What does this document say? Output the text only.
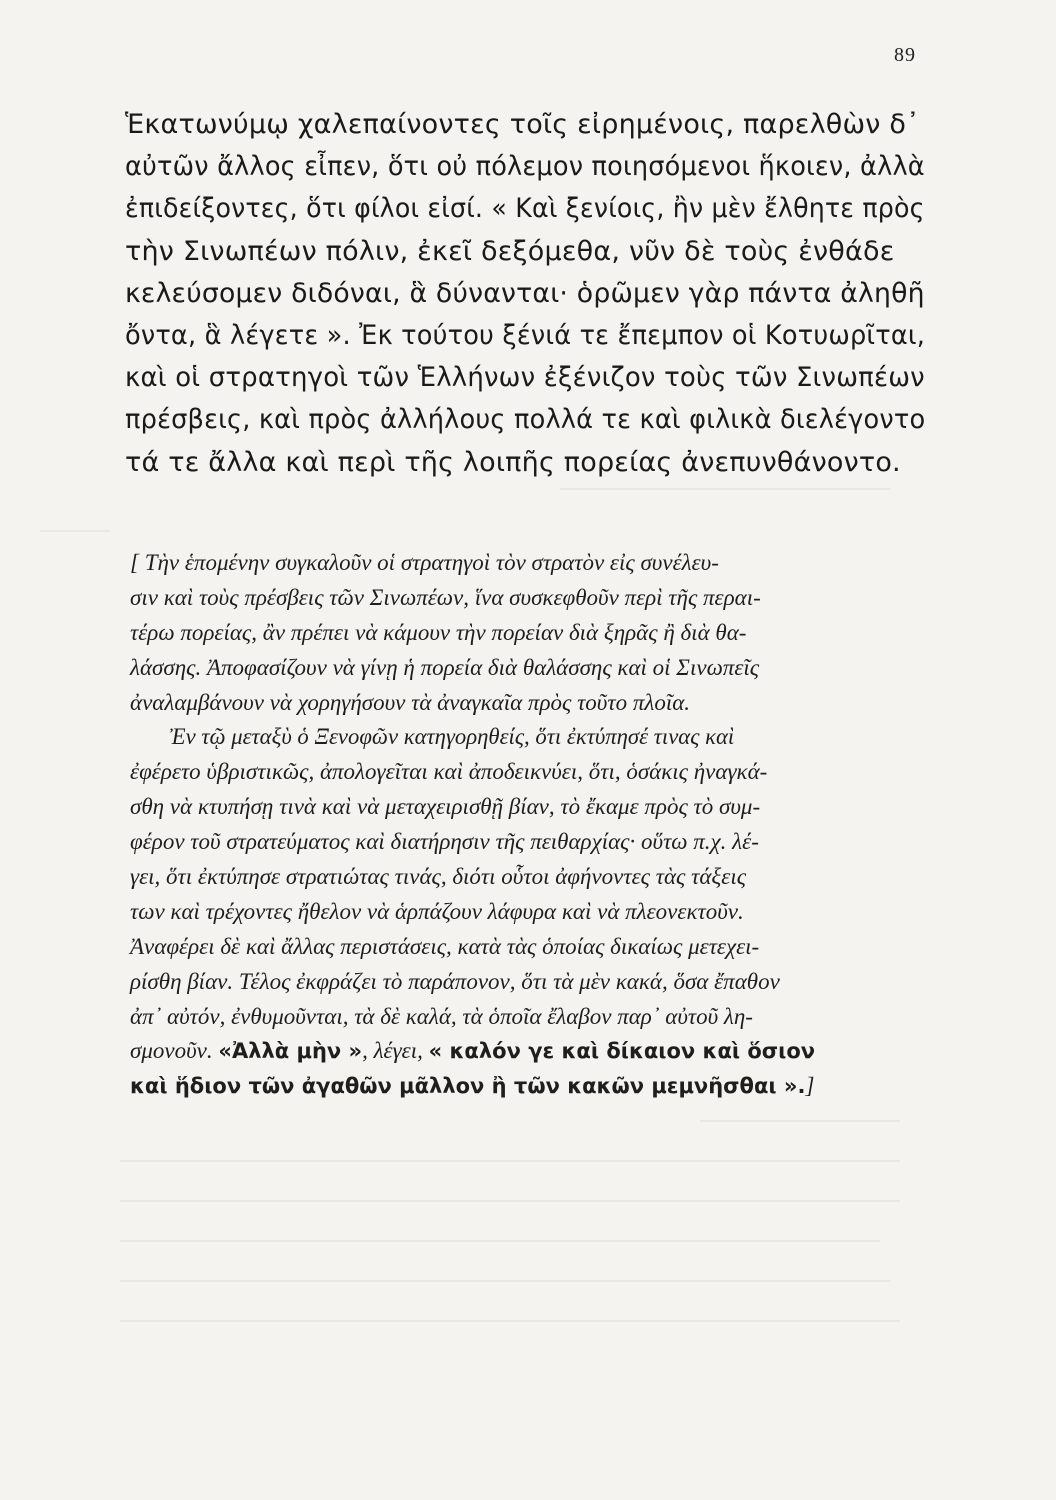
89
Ἑκατωνύμῳ χαλεπαίνοντες τοῖς εἰρημένοις, παρελθὼν δ᾽
αὐτῶν ἄλλος εἶπεν, ὅτι οὐ πόλεμον ποιησόμενοι ἥκοιεν, ἀλλὰ
ἐπιδείξοντες, ὅτι φίλοι εἰσί. « Καὶ ξενίοις, ἢν μὲν ἔλθητε πρὸς
τὴν Σινωπέων πόλιν, ἐκεῖ δεξόμεθα, νῦν δὲ τοὺς ἐνθάδε
κελεύσομεν διδόναι, ἃ δύνανται· ὁρῶμεν γὰρ πάντα ἀληθῆ
ὄντα, ἃ λέγετε ». Ἐκ τούτου ξένιά τε ἔπεμπον οἱ Κοτυωρῖται,
καὶ οἱ στρατηγοὶ τῶν Ἑλλήνων ἐξένιζον τοὺς τῶν Σινωπέων
πρέσβεις, καὶ πρὸς ἀλλήλους πολλά τε καὶ φιλικὰ διελέγοντο
τά τε ἄλλα καὶ περὶ τῆς λοιπῆς πορείας ἀνεπυνθάνοντο.
[ Τὴν ἑπομένην συγκαλοῦν οἱ στρατηγοὶ τὸν στρατὸν εἰς συνέλευ-
σιν καὶ τοὺς πρέσβεις τῶν Σινωπέων, ἵνα συσκεφθοῦν περὶ τῆς περαι-
τέρω πορείας, ἂν πρέπει νὰ κάμουν τὴν πορείαν διὰ ξηρᾶς ἢ διὰ θα-
λάσσης. Ἀποφασίζουν νὰ γίνῃ ἡ πορεία διὰ θαλάσσης καὶ οἱ Σινωπεῖς
ἀναλαμβάνουν νὰ χορηγήσουν τὰ ἀναγκαῖα πρὸς τοῦτο πλοῖα.
Ἐν τῷ μεταξὺ ὁ Ξενοφῶν κατηγορηθείς, ὅτι ἐκτύπησέ τινας καὶ
ἐφέρετο ὑβριστικῶς, ἀπολογεῖται καὶ ἀποδεικνύει, ὅτι, ὁσάκις ἠναγκά-
σθη νὰ κτυπήσῃ τινὰ καὶ νὰ μεταχειρισθῇ βίαν, τὸ ἔκαμε πρὸς τὸ συμ-
φέρον τοῦ στρατεύματος καὶ διατήρησιν τῆς πειθαρχίας· οὕτω π.χ. λέ-
γει, ὅτι ἐκτύπησε στρατιώτας τινάς, διότι οὗτοι ἀφήνοντες τὰς τάξεις
των καὶ τρέχοντες ἤθελον νὰ ἁρπάζουν λάφυρα καὶ νὰ πλεονεκτοῦν.
Ἀναφέρει δὲ καὶ ἄλλας περιστάσεις, κατὰ τὰς ὁποίας δικαίως μετεχει-
ρίσθη βίαν. Τέλος ἐκφράζει τὸ παράπονον, ὅτι τὰ μὲν κακά, ὅσα ἔπαθον
ἀπ᾽ αὐτόν, ἐνθυμοῦνται, τὰ δὲ καλά, τὰ ὁποῖα ἔλαβον παρ᾽ αὐτοῦ λη-
σμονοῦν. «Ἀλλὰ μὴν », λέγει, « καλόν γε καὶ δίκαιον καὶ ὅσιον
καὶ ἥδιον τῶν ἀγαθῶν μᾶλλον ἢ τῶν κακῶν μεμνῆσθαι ».]
